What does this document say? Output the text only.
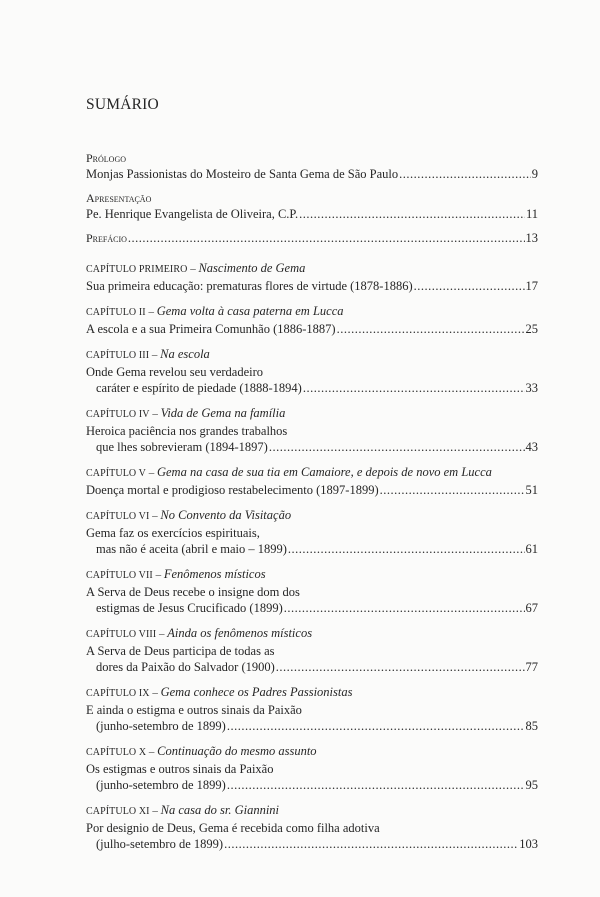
SUMÁRIO
Prólogo
Monjas Passionistas do Mosteiro de Santa Gema de São Paulo .....	9
Apresentação
Pe. Henrique Evangelista de Oliveira, C.P. .....	11
Prefácio .....	13
CAPÍTULO PRIMEIRO – Nascimento de Gema
Sua primeira educação: prematuras flores de virtude (1878-1886) .....	17
CAPÍTULO II – Gema volta à casa paterna em Lucca
A escola e a sua Primeira Comunhão (1886-1887) .....	25
CAPÍTULO III – Na escola
Onde Gema revelou seu verdadeiro
caráter e espírito de piedade (1888-1894) .....	33
CAPÍTULO IV – Vida de Gema na família
Heroica paciência nos grandes trabalhos
que lhes sobrevieram (1894-1897) .....	43
CAPÍTULO V – Gema na casa de sua tia em Camaiore, e depois de novo em Lucca
Doença mortal e prodigioso restabelecimento (1897-1899) .....	51
CAPÍTULO VI – No Convento da Visitação
Gema faz os exercícios espirituais,
mas não é aceita (abril e maio – 1899) .....	61
CAPÍTULO VII – Fenômenos místicos
A Serva de Deus recebe o insigne dom dos
estigmas de Jesus Crucificado (1899) .....	67
CAPÍTULO VIII – Ainda os fenômenos místicos
A Serva de Deus participa de todas as
dores da Paixão do Salvador (1900) .....	77
CAPÍTULO IX – Gema conhece os Padres Passionistas
E ainda o estigma e outros sinais da Paixão
(junho-setembro de 1899) .....	85
CAPÍTULO X – Continuação do mesmo assunto
Os estigmas e outros sinais da Paixão
(junho-setembro de 1899) .....	95
CAPÍTULO XI – Na casa do sr. Giannini
Por designio de Deus, Gema é recebida como filha adotiva
(julho-setembro de 1899) .....	103
